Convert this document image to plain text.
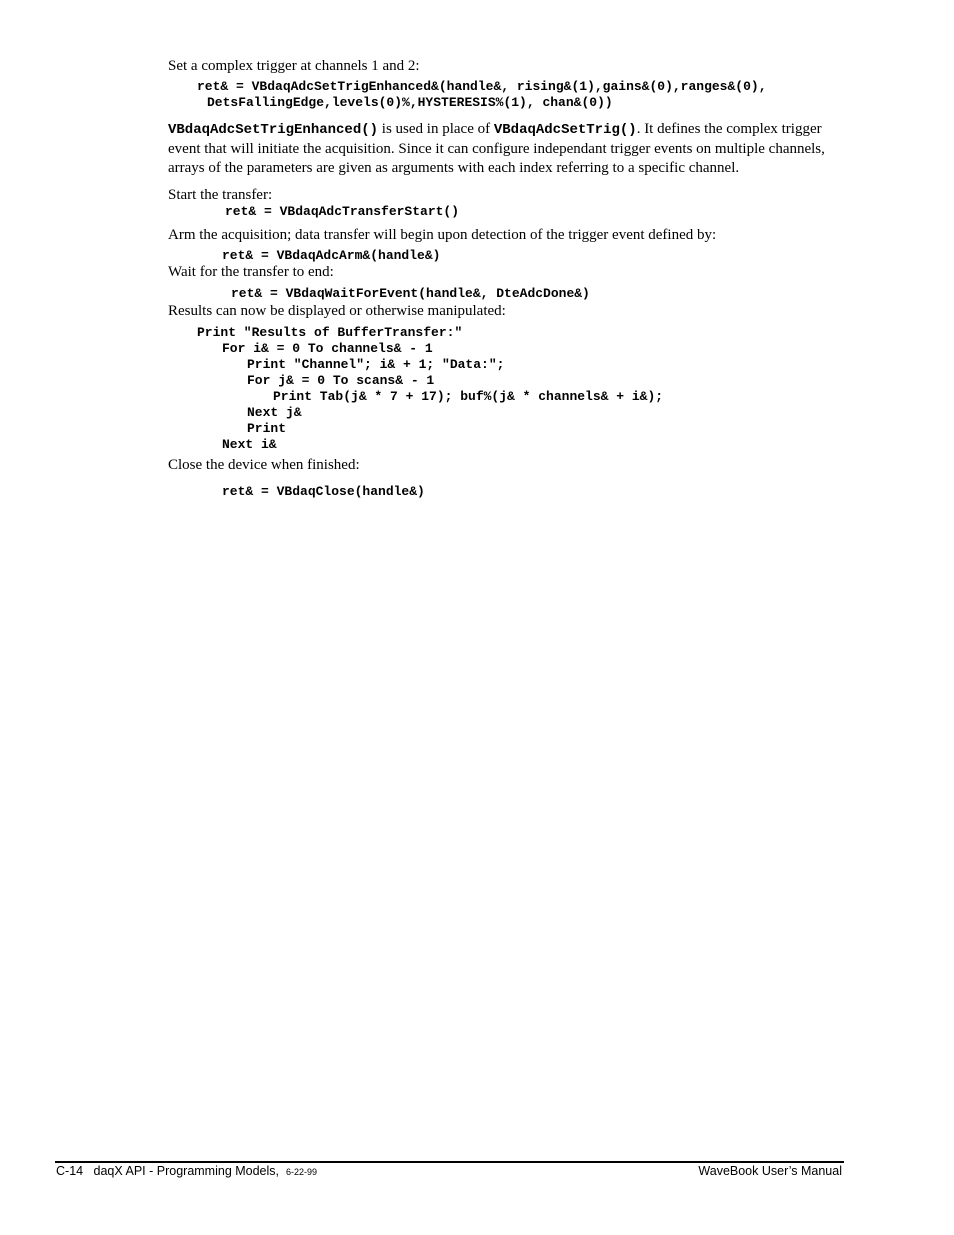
Set a complex trigger at channels 1 and 2:

ret& = VBdaqAdcSetTrigEnhanced&(handle&, rising&(1),gains&(0),ranges&(0),
DetsFallingEdge,levels(0)%,HYSTERESIS%(1), chan&(0))

VBdaqAdcSetTrigEnhanced() is used in place of VBdaqAdcSetTrig(). It defines the complex trigger event that will initiate the acquisition. Since it can configure independant trigger events on multiple channels, arrays of the parameters are given as arguments with each index referring to a specific channel.

Start the transfer:

ret& = VBdaqAdcTransferStart()

Arm the acquisition; data transfer will begin upon detection of the trigger event defined by:

ret& = VBdaqAdcArm&(handle&)

Wait for the transfer to end:

ret& = VBdaqWaitForEvent(handle&, DteAdcDone&)

Results can now be displayed or otherwise manipulated:

Print "Results of BufferTransfer:"
For i& = 0 To channels& - 1
Print "Channel"; i& + 1; "Data:";
For j& = 0 To scans& - 1
Print Tab(j& * 7 + 17); buf%(j& * channels& + i&);
Next j&
Print
Next i&

Close the device when finished:

ret& = VBdaqClose(handle&)
C-14 daqX API - Programming Models, 6-22-99	WaveBook User’s Manual
